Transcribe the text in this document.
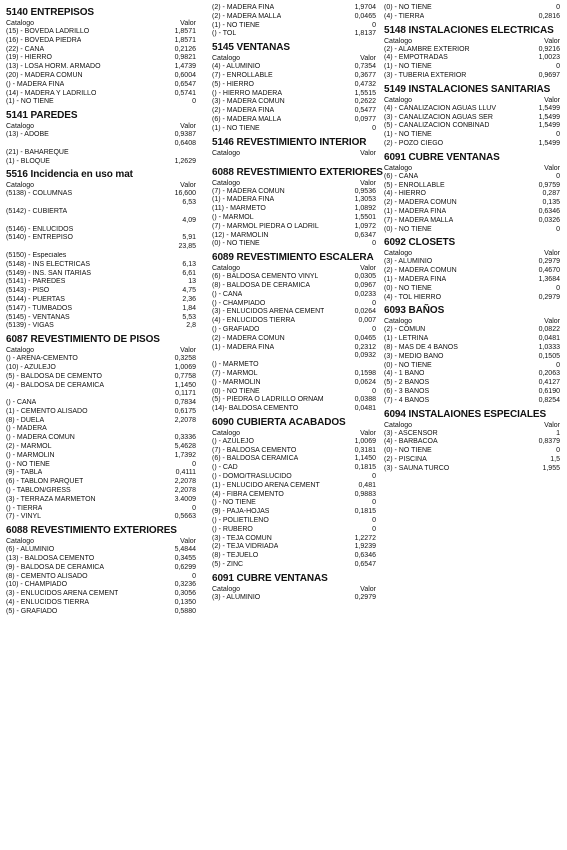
5140 ENTREPISOS
Catalogo	Valor
(15) - BOVEDA LADRILLO	1,8571
(16) - BOVEDA PIEDRA	1,8571
(22) - CAÑA	0,2126
(19) - HIERRO	0,9821
(13) - LOSA HORM. ARMADO	1,4739
(20) - MADERA COMUN	0,6004
() - MADERA FINA	0,6547
(14) - MADERA Y LADRILLO	0,5741
(1) - NO TIENE	0
5141 PAREDES
Catalogo	Valor
(13) - ADOBE	0,9387
0,6408
(21) - BAHAREQUE
(1) - BLOQUE	1,2629
5516 Incidencia en uso mat
Catalogo	Valor
(5138) - COLUMNAS	16,600
6,53
(5142) - CUBIERTA
4,09
(5146) - ENLUCIDOS
(5140) - ENTREPISO	5,91
23,85
(5150) - Especiales
(5148) - INS ELECTRICAS	6,13
(5149) - INS. SAN ITARIAS	6,61
(5141) - PAREDES	13
(5143) - PISO	4,75
(5144) - PUERTAS	2,36
(5147) - TUMBADOS	1,84
(5145) - VENTANAS	5,53
(5139) - VIGAS	2,8
6087 REVESTIMIENTO DE PISOS
Catalogo	Valor
() - ARENA-CEMENTO	0,3258
(10) - AZULEJO	1,0069
(5) - BALDOSA DE CEMENTO	0,7758
(4) - BALDOSA DE CERAMICA	1,1450
0,1171
() - CAÑA	0,7834
(1) - CEMENTO ALISADO	0,6175
(8) - DUELA	2,2078
() - MADERA
() - MADERA COMUN	0,3336
(2) - MARMOL	5,4628
() - MARMOLIN	1,7392
() - NO TIENE	0
(9) - TABLA	0,4111
(6) - TABLON PARQUET	2,2078
() - TABLON/GRESS	2,2078
(3) - TERRAZA MARMETON	3.4009
() - TIERRA	0
(7) - VINYL	0,5663
6088 REVESTIMIENTO EXTERIORES
Catalogo	Valor
(6) - ALUMINIO	5,4844
(13) - BALDOSA CEMENTO	0,3455
(9) - BALDOSA DE CERAMICA	0,6299
(8) - CEMENTO ALISADO	0
(10) - CHAMPIADO	0,3236
(3) - ENLUCIDOS ARENA CEMENT	0,3056
(4) - ENLUCIDOS TIERRA	0,1350
(5) - GRAFIADO	0,5880
(2) - MADERA FINA	1,9704
(2) - MADERA MALLA	0,0465
(1) - NO TIENE	0
() - TOL	1,8137
5145 VENTANAS
Catalogo	Valor
(4) - ALUMINIO	0,7354
(7) - ENROLLABLE	0,3677
(5) - HIERRO	0,4732
() - HIERRO MADERA	1,5515
(3) - MADERA COMUN	0,2622
(2) - MADERA FINA	0,5477
(6) - MADERA MALLA	0,0977
(1) - NO TIENE	0
5146 REVESTIMIENTO INTERIOR
Catalogo	Valor
6088 REVESTIMIENTO EXTERIORES
Catalogo	Valor
(7) - MADERA COMUN	0,9536
(1) - MADERA FINA	1,3053
(11) - MARMETO	1,0892
() - MARMOL	1,5501
(7) - MARMOL PIEDRA O LADRIL	1,0972
(12) - MARMOLIN	0,6347
(0) - NO TIENE	0
6089 REVESTIMIENTO ESCALERA
Catalogo	Valor
(6) - BALDOSA CEMENTO VINYL	0,0305
(8) - BALDOSA DE CERAMICA	0,0967
() - CAÑA	0,0233
() - CHAMPIADO	0
(3) - ENLUCIDOS ARENA CEMENT	0,0264
(4) - ENLUCIDOS TIERRA	0,007
() - GRAFIADO	0
(2) - MADERA COMUN	0,0465
(1) - MADERA FINA	0,2312
0,0932
() - MARMETO
(7) - MARMOL	0,1598
() - MARMOLIN	0,0624
(0) - NO TIENE	0
(5) - PIEDRA O LADRILLO ORNAM	0,0388
(14)- BALDOSA CEMENTO	0,0481
6090 CUBIERTA ACABADOS
Catalogo	Valor
() - AZULEJO	1,0069
(7) - BALDOSA CEMENTO	0,3181
(6) - BALDOSA CERAMICA	1,1450
() - CAD	0,1815
() - DOMO/TRASLUCIDO	0
(1) - ENLUCIDO ARENA CEMENT	0,481
(4) - FIBRA CEMENTO	0,9883
() - NO TIENE	0
(9) - PAJA-HOJAS	0,1815
() - POLIETILENO	0
() - RUBERO	0
(3) - TEJA COMUN	1,2272
(2) - TEJA VIDRIADA	1,9239
(8) - TEJUELO	0,6346
(5) - ZINC	0,6547
6091 CUBRE VENTANAS
Catalogo	Valor
(3) - ALUMINIO	0,2979
(0) - NO TIENE	0
(4) - TIERRA	0,2816
5148 INSTALACIONES ELECTRICAS
Catalogo	Valor
(2) - ALAMBRE EXTERIOR	0,9216
(4) - EMPOTRADAS	1,0023
(1) - NO TIENE	0
(3) - TUBERIA EXTERIOR	0,9697
5149 INSTALACIONES SANITARIAS
Catalogo	Valor
(4) - CANALIZACION AGUAS LLUV	1,5499
(3) - CANALIZACION AGUAS SER	1,5499
(5) - CANALIZACION CONBINAD	1,5499
(1) - NO TIENE	0
(2) - POZO CIEGO	1,5499
6091 CUBRE VENTANAS
Catalogo	Valor
(6) - CAÑA	0
(5) - ENROLLABLE	0,9759
(4) - HIERRO	0,287
(2) - MADERA COMUN	0,135
(1) - MADERA FINA	0,6346
(7) - MADERA MALLA	0,0326
(0) - NO TIENE	0
6092 CLOSETS
Catalogo	Valor
(3) - ALUMINIO	0,2979
(2) - MADERA COMUN	0,4670
(1) - MADERA FINA	1,3684
(0) - NO TIENE	0
(4) - TOL HIERRO	0,2979
6093 BAÑOS
Catalogo	Valor
(2) - COMUN	0,0822
(1) - LETRINA	0,0481
(8) - MAS DE 4 BAÑOS	1,0333
(3) - MEDIO BAÑO	0,1505
(0) - NO TIENE	0
(4) - 1 BAÑO	0,2063
(5) - 2 BAÑOS	0,4127
(6) - 3 BAÑOS	0,6190
(7) - 4 BAÑOS	0,8254
6094 INSTALAIONES ESPECIALES
Catalogo	Valor
(3) - ASCENSOR	1
(4) - BARBACOA	0,8379
(0) - NO TIENE	0
(2) - PISCINA	1,5
(3) - SAUNA TURCO	1,955
